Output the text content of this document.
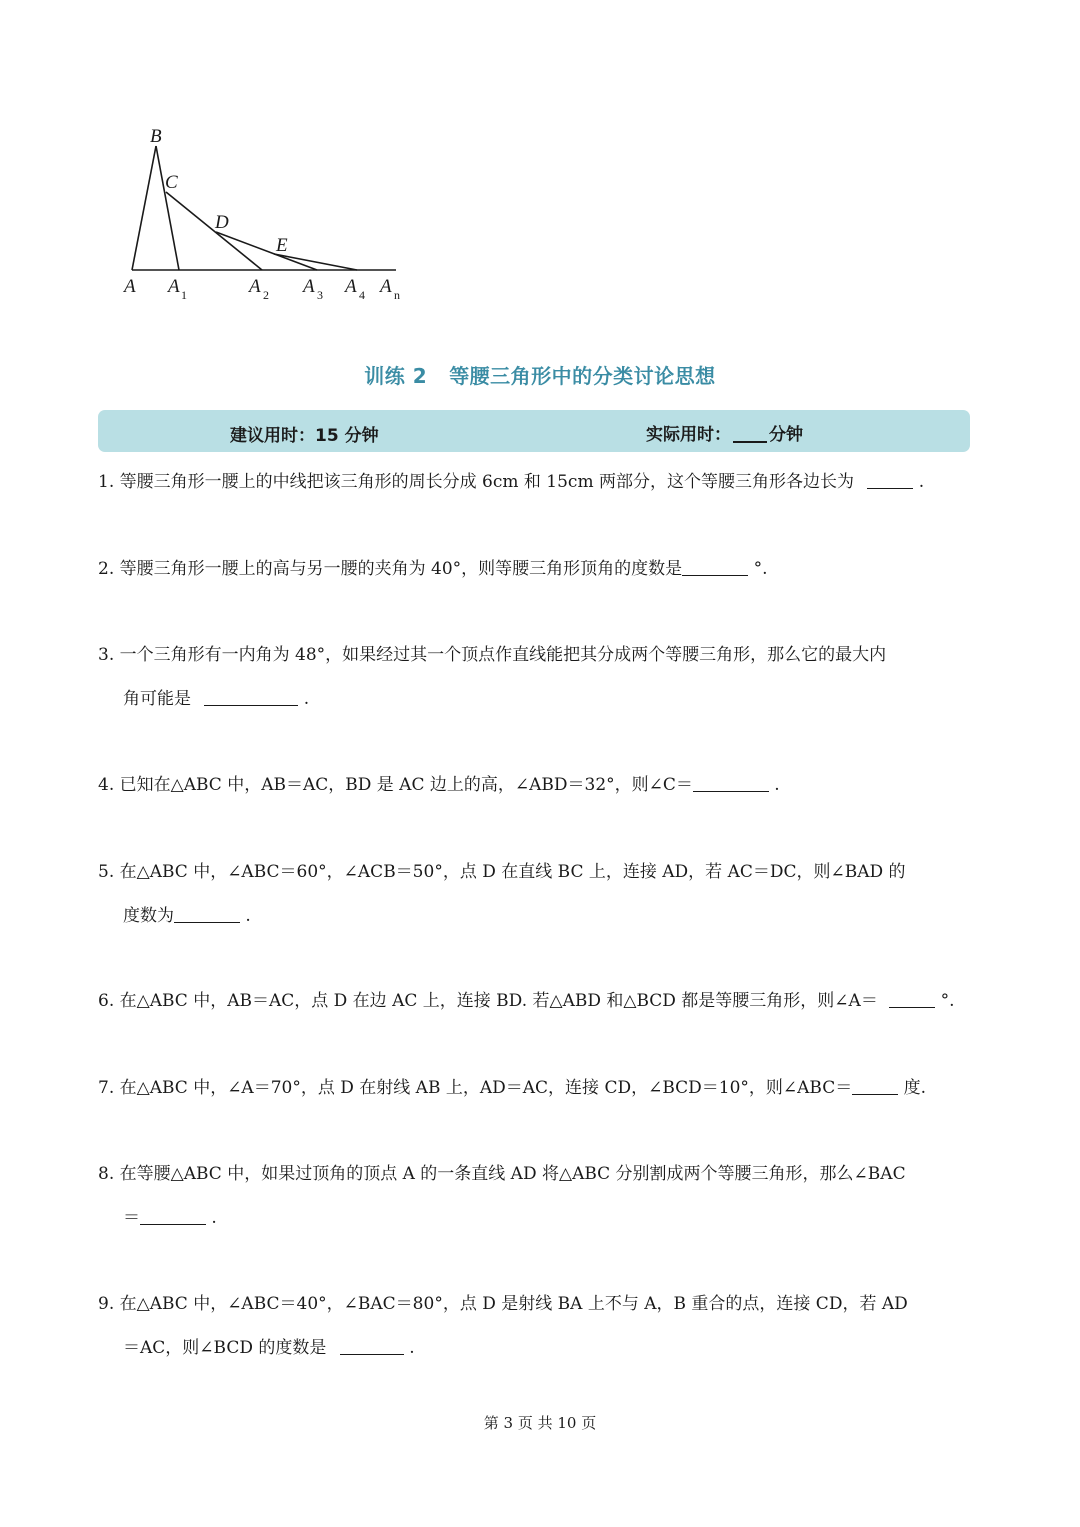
B
C
D
E
A A 1	A 2 A 3 A 4 A n
训练 2 等腰三角形中的分类讨论思想
建议用时：15 分钟	实际用时： 分钟
1. 等腰三角形一腰上的中线把该三角形的周长分成 6cm 和 15cm 两部分，这个等腰三角形各边长为	.
2. 等腰三角形一腰上的高与另一腰的夹角为 40°，则等腰三角形顶角的度数是	°.
3. 一个三角形有一内角为 48°，如果经过其一个顶点作直线能把其分成两个等腰三角形，那么它的最大内
角可能是	.
4. 已知在△ABC 中，AB＝AC，BD 是 AC 边上的高，∠ABD＝32°，则∠C＝	.
5. 在△ABC 中，∠ABC＝60°，∠ACB＝50°，点 D 在直线 BC 上，连接 AD，若 AC＝DC，则∠BAD 的
度数为	.
6. 在△ABC 中，AB＝AC，点 D 在边 AC 上，连接 BD. 若△ABD 和△BCD 都是等腰三角形，则∠A＝	°.
7. 在△ABC 中，∠A＝70°，点 D 在射线 AB 上，AD＝AC，连接 CD，∠BCD＝10°，则∠ABC＝	度.
8. 在等腰△ABC 中，如果过顶角的顶点 A 的一条直线 AD 将△ABC 分别割成两个等腰三角形，那么∠BAC
＝	.
9. 在△ABC 中，∠ABC＝40°，∠BAC＝80°，点 D 是射线 BA 上不与 A，B 重合的点，连接 CD，若 AD
＝AC，则∠BCD 的度数是	.
第 3 页 共 10 页
